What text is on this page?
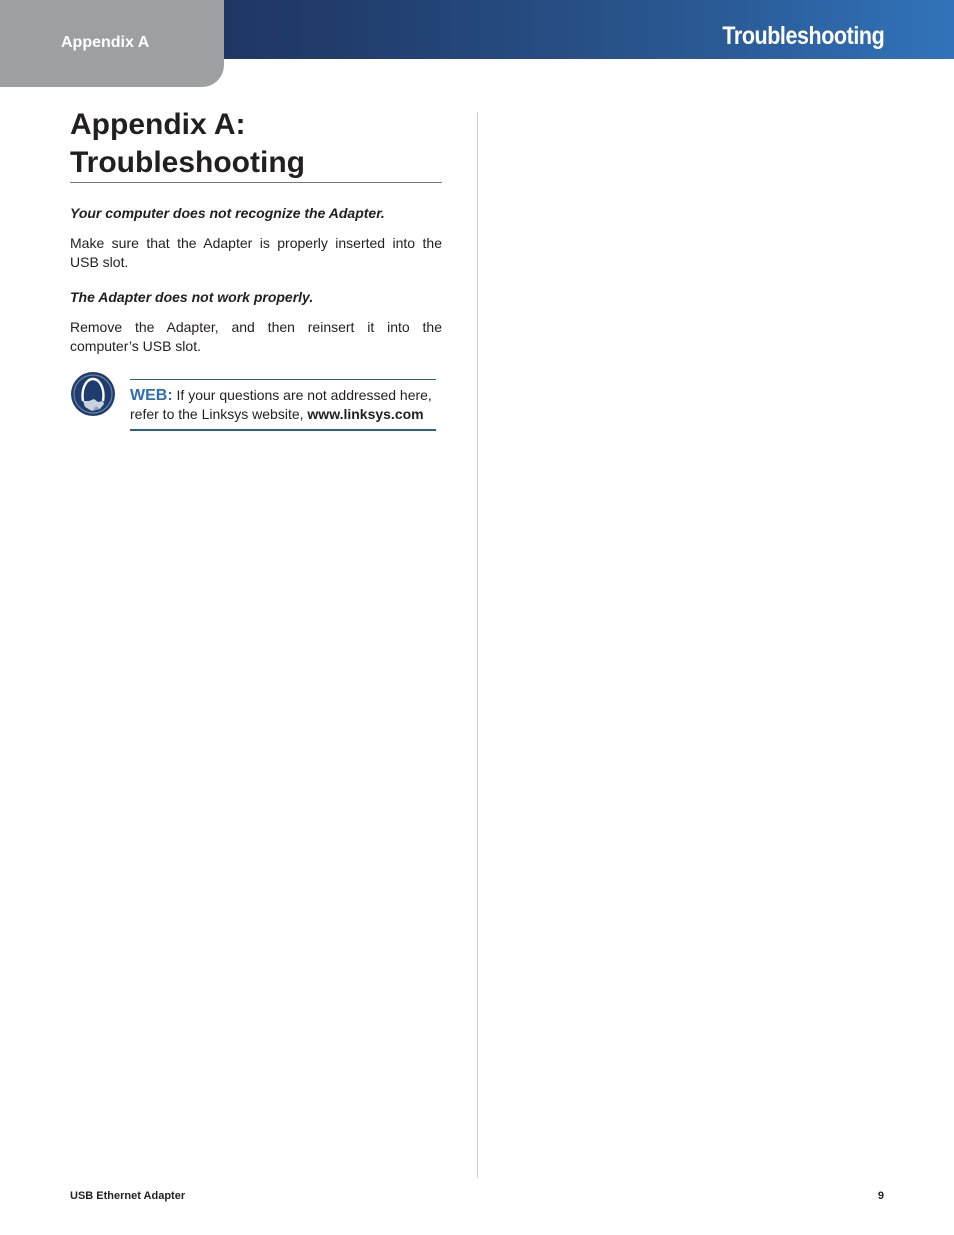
Appendix A	Troubleshooting
Appendix A:
Troubleshooting
Your computer does not recognize the Adapter.
Make sure that the Adapter is properly inserted into the USB slot.
The Adapter does not work properly.
Remove the Adapter, and then reinsert it into the computer’s USB slot.
WEB: If your questions are not addressed here, refer to the Linksys website, www.linksys.com
USB Ethernet Adapter	9
